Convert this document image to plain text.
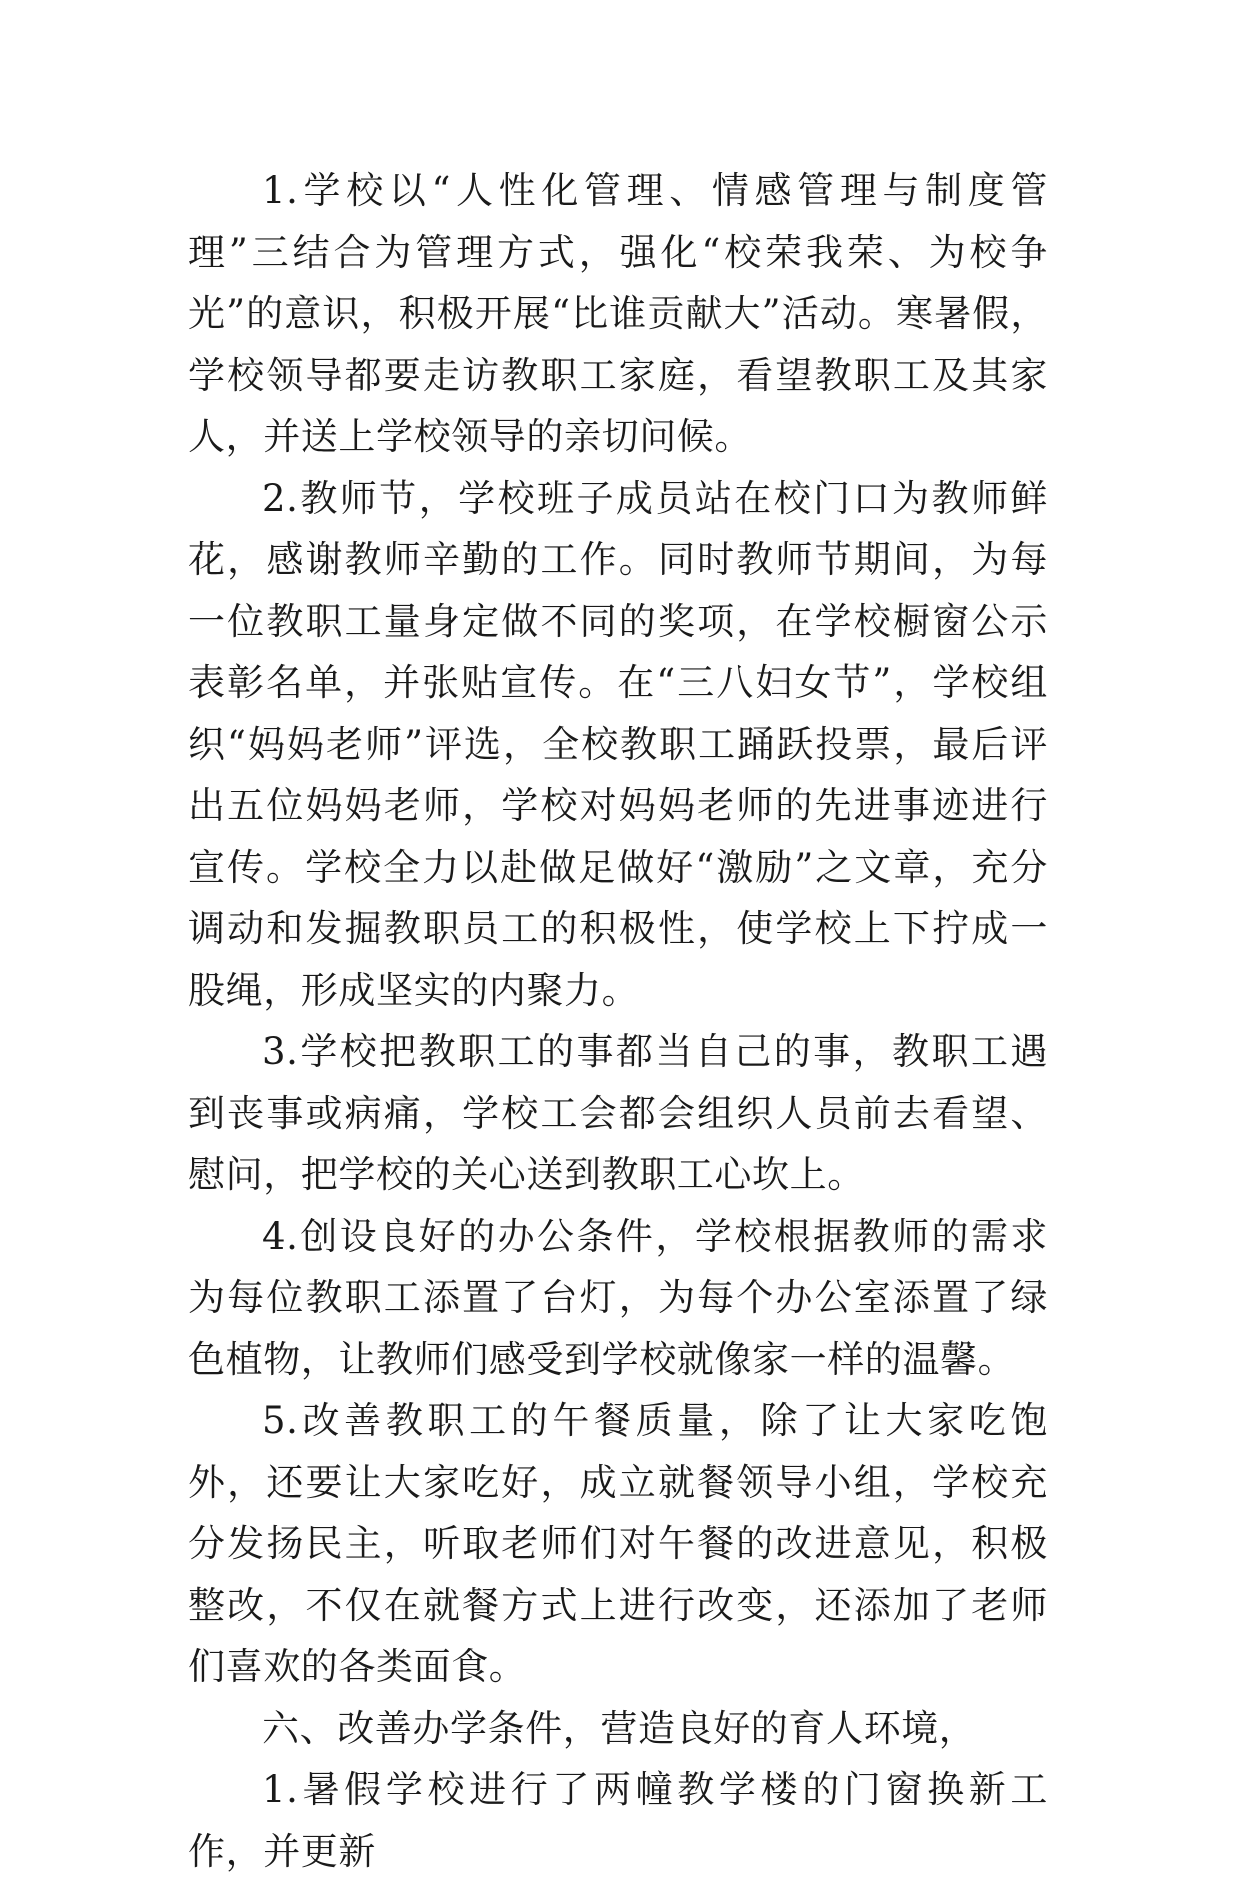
1.学校以“人性化管理、情感管理与制度管理”三结合为管理方式，强化“校荣我荣、为校争光”的意识，积极开展“比谁贡献大”活动。寒暑假，学校领导都要走访教职工家庭，看望教职工及其家人，并送上学校领导的亲切问候。

2.教师节，学校班子成员站在校门口为教师鲜花，感谢教师辛勤的工作。同时教师节期间，为每一位教职工量身定做不同的奖项，在学校橱窗公示表彰名单，并张贴宣传。在“三八妇女节”，学校组织“妈妈老师”评选，全校教职工踊跃投票，最后评出五位妈妈老师，学校对妈妈老师的先进事迹进行宣传。学校全力以赴做足做好“激励”之文章，充分调动和发掘教职员工的积极性，使学校上下拧成一股绳，形成坚实的内聚力。

3.学校把教职工的事都当自己的事，教职工遇到丧事或病痛，学校工会都会组织人员前去看望、慰问，把学校的关心送到教职工心坎上。

4.创设良好的办公条件，学校根据教师的需求为每位教职工添置了台灯，为每个办公室添置了绿色植物，让教师们感受到学校就像家一样的温馨。

5.改善教职工的午餐质量，除了让大家吃饱外，还要让大家吃好，成立就餐领导小组，学校充分发扬民主，听取老师们对午餐的改进意见，积极整改，不仅在就餐方式上进行改变，还添加了老师们喜欢的各类面食。

六、改善办学条件，营造良好的育人环境，

1.暑假学校进行了两幢教学楼的门窗换新工作，并更新
